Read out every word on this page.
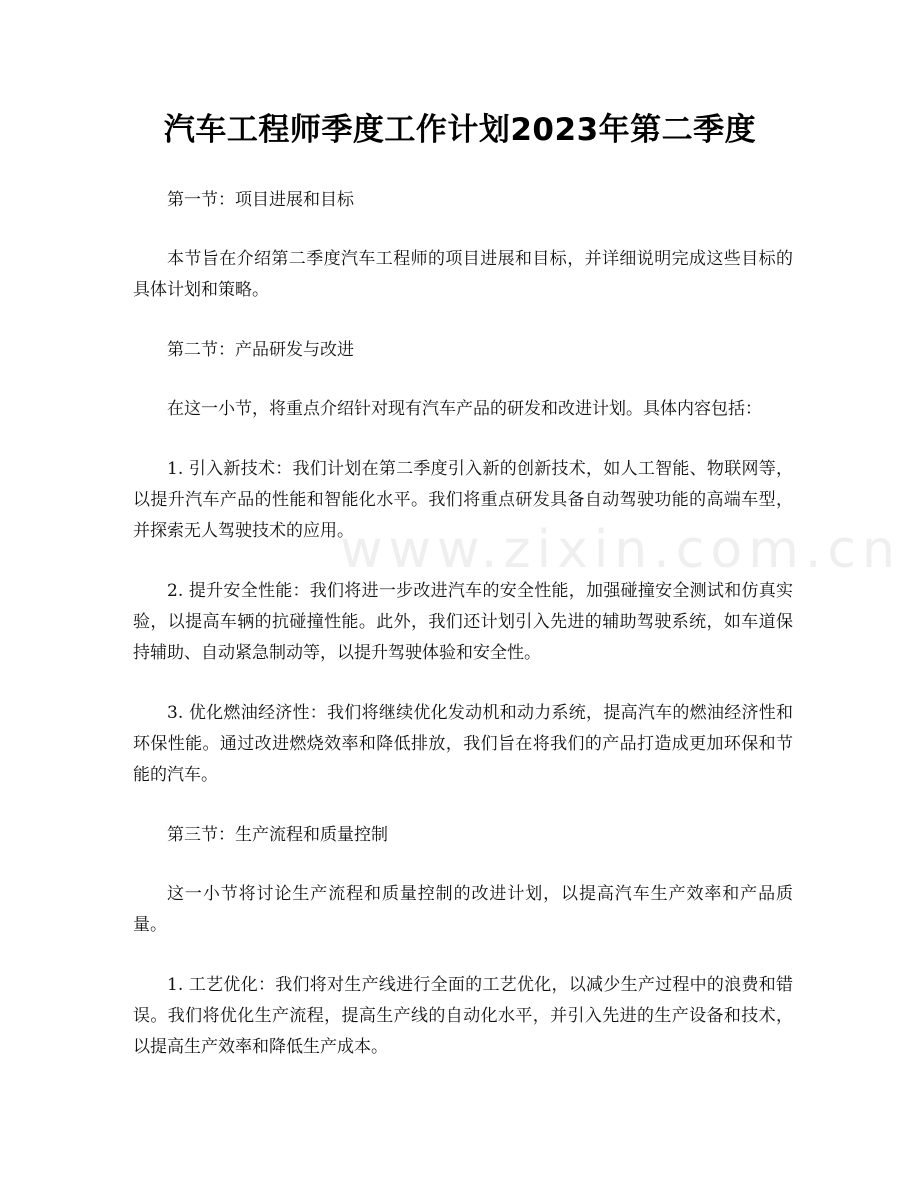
www.zixin.com.cn
汽车工程师季度工作计划2023年第二季度

第一节：项目进展和目标

本节旨在介绍第二季度汽车工程师的项目进展和目标，并详细说明完成这些目标的具体计划和策略。

第二节：产品研发与改进

在这一小节，将重点介绍针对现有汽车产品的研发和改进计划。具体内容包括：

1. 引入新技术：我们计划在第二季度引入新的创新技术，如人工智能、物联网等，以提升汽车产品的性能和智能化水平。我们将重点研发具备自动驾驶功能的高端车型，并探索无人驾驶技术的应用。

2. 提升安全性能：我们将进一步改进汽车的安全性能，加强碰撞安全测试和仿真实验，以提高车辆的抗碰撞性能。此外，我们还计划引入先进的辅助驾驶系统，如车道保持辅助、自动紧急制动等，以提升驾驶体验和安全性。

3. 优化燃油经济性：我们将继续优化发动机和动力系统，提高汽车的燃油经济性和环保性能。通过改进燃烧效率和降低排放，我们旨在将我们的产品打造成更加环保和节能的汽车。

第三节：生产流程和质量控制

这一小节将讨论生产流程和质量控制的改进计划，以提高汽车生产效率和产品质量。

1. 工艺优化：我们将对生产线进行全面的工艺优化，以减少生产过程中的浪费和错误。我们将优化生产流程，提高生产线的自动化水平，并引入先进的生产设备和技术，以提高生产效率和降低生产成本。
